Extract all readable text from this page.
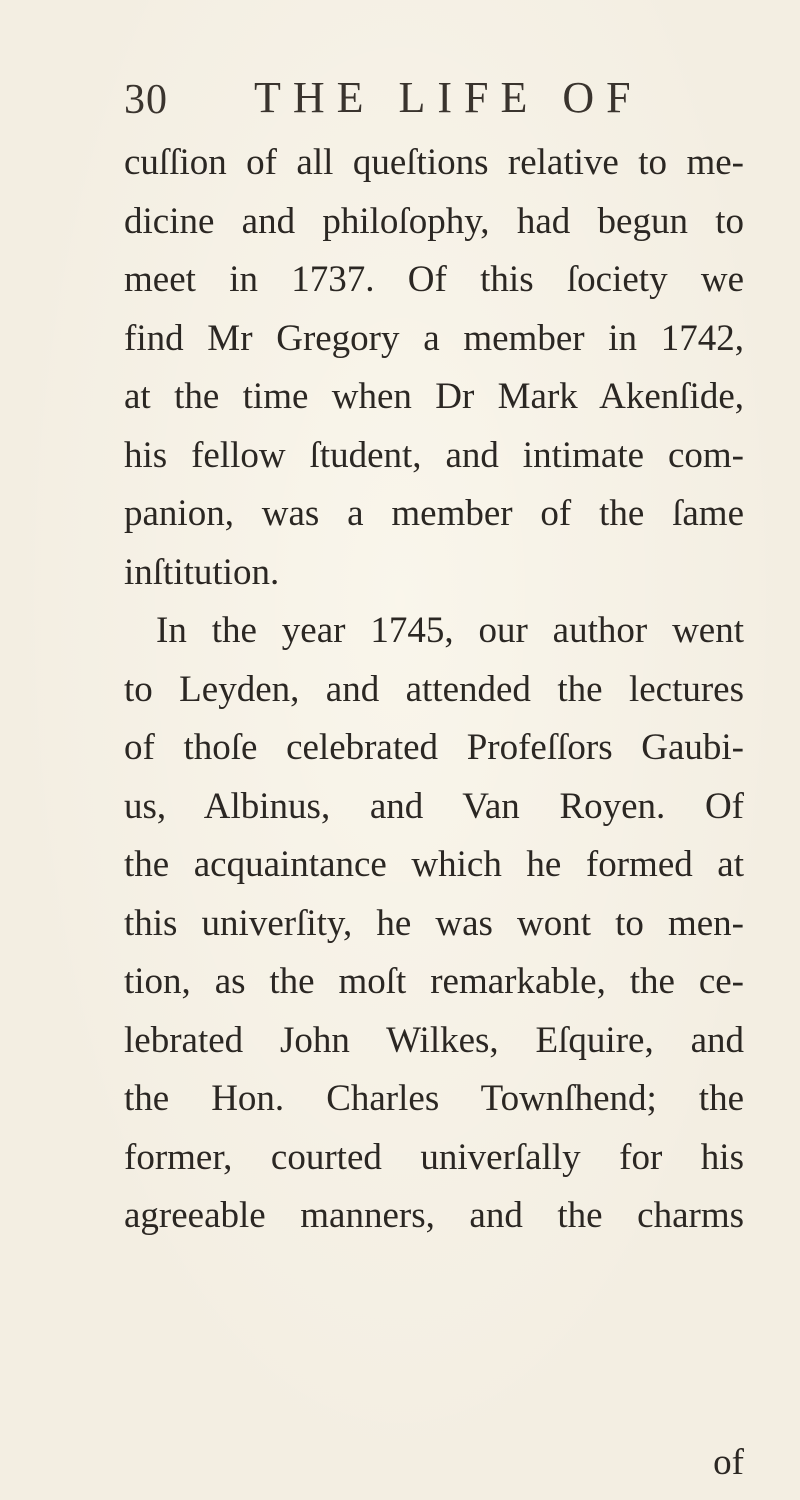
30 THE LIFE OF
cuſſion of all queſtions relative to me-
dicine and philoſophy, had begun to
meet in 1737. Of this ſociety we
find Mr Gregory a member in 1742,
at the time when Dr Mark Akenſide,
his fellow ſtudent, and intimate com-
panion, was a member of the ſame
inſtitution.
In the year 1745, our author went
to Leyden, and attended the lectures
of thoſe celebrated Profeſſors Gaubi-
us, Albinus, and Van Royen. Of
the acquaintance which he formed at
this univerſity, he was wont to men-
tion, as the moſt remarkable, the ce-
lebrated John Wilkes, Eſquire, and
the Hon. Charles Townſhend; the
former, courted univerſally for his
agreeable manners, and the charms
of
